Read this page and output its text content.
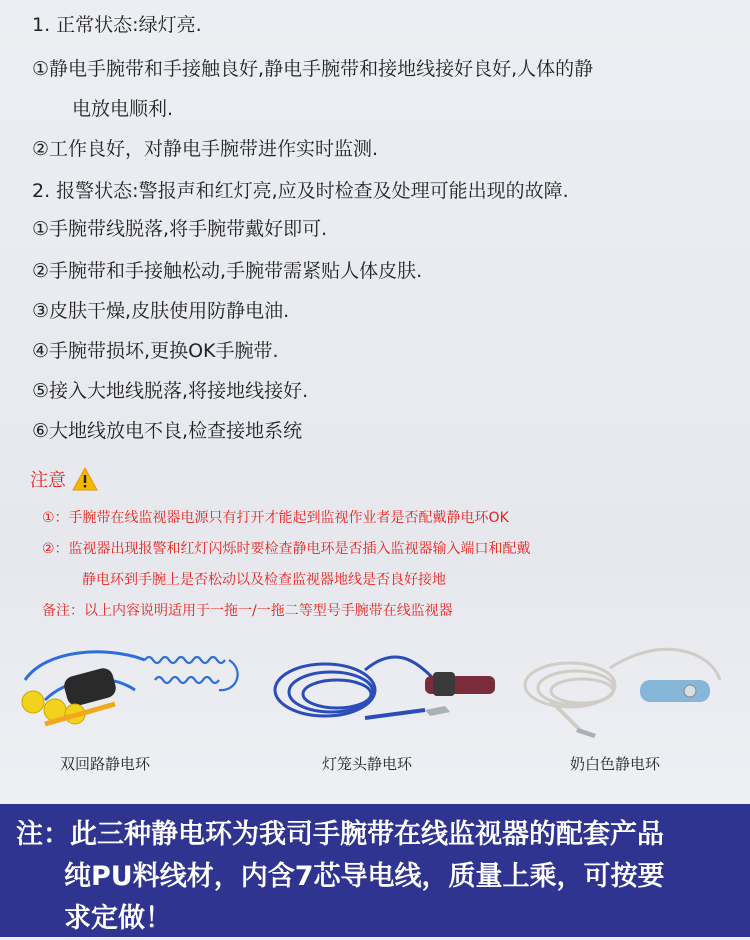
1. 正常状态:绿灯亮.
①静电手腕带和手接触良好,静电手腕带和接地线接好良好,人体的静
电放电顺利.
②工作良好，对静电手腕带进作实时监测.
2. 报警状态:警报声和红灯亮,应及时检查及处理可能出现的故障.
①手腕带线脱落,将手腕带戴好即可.
②手腕带和手接触松动,手腕带需紧贴人体皮肤.
③皮肤干燥,皮肤使用防静电油.
④手腕带损坏,更换OK手腕带.
⑤接入大地线脱落,将接地线接好.
⑥大地线放电不良,检查接地系统
注意
①：手腕带在线监视器电源只有打开才能起到监视作业者是否配戴静电环OK
②：监视器出现报警和红灯闪烁时要检查静电环是否插入监视器输入端口和配戴
静电环到手腕上是否松动以及检查监视器地线是否良好接地
备注：以上内容说明适用于一拖一/一拖二等型号手腕带在线监视器
双回路静电环	灯笼头静电环	奶白色静电环
注：此三种静电环为我司手腕带在线监视器的配套产品
纯PU料线材，内含7芯导电线，质量上乘，可按要
求定做！
